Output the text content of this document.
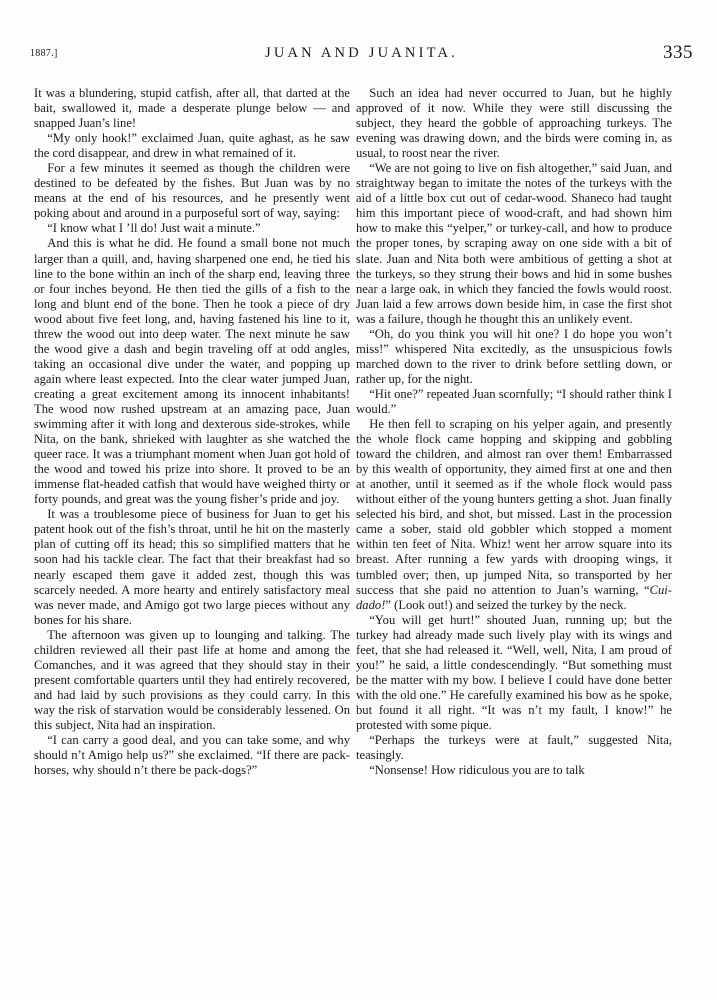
1887.]	JUAN AND JUANITA.	335

It was a blundering, stupid catfish, after all, that darted at the bait, swallowed it, made a desperate plunge below — and snapped Juan’s line!

“My only hook!” exclaimed Juan, quite aghast, as he saw the cord disappear, and drew in what remained of it.

For a few minutes it seemed as though the children were destined to be defeated by the fishes. But Juan was by no means at the end of his resources, and he presently went poking about and around in a purposeful sort of way, saying:

“I know what I ’ll do! Just wait a minute.”

And this is what he did. He found a small bone not much larger than a quill, and, having sharpened one end, he tied his line to the bone within an inch of the sharp end, leaving three or four inches beyond. He then tied the gills of a fish to the long and blunt end of the bone. Then he took a piece of dry wood about five feet long, and, having fastened his line to it, threw the wood out into deep water. The next minute he saw the wood give a dash and begin traveling off at odd angles, taking an occasional dive under the water, and popping up again where least expected. Into the clear water jumped Juan, creating a great excitement among its innocent inhabitants! The wood now rushed upstream at an amazing pace, Juan swimming after it with long and dexterous side-strokes, while Nita, on the bank, shrieked with laughter as she watched the queer race. It was a triumphant moment when Juan got hold of the wood and towed his prize into shore. It proved to be an immense flat-headed catfish that would have weighed thirty or forty pounds, and great was the young fisher’s pride and joy.

It was a troublesome piece of business for Juan to get his patent hook out of the fish’s throat, until he hit on the masterly plan of cutting off its head; this so simplified matters that he soon had his tackle clear. The fact that their breakfast had so nearly escaped them gave it added zest, though this was scarcely needed. A more hearty and entirely satisfactory meal was never made, and Amigo got two large pieces without any bones for his share.

The afternoon was given up to lounging and talking. The children reviewed all their past life at home and among the Comanches, and it was agreed that they should stay in their present comfortable quarters until they had entirely recovered, and had laid by such provisions as they could carry. In this way the risk of starvation would be considerably lessened. On this subject, Nita had an inspiration.

“I can carry a good deal, and you can take some, and why should n’t Amigo help us?” she exclaimed. “If there are pack-horses, why should n’t there be pack-dogs?”

Such an idea had never occurred to Juan, but he highly approved of it now. While they were still discussing the subject, they heard the gobble of approaching turkeys. The evening was drawing down, and the birds were coming in, as usual, to roost near the river.

“We are not going to live on fish altogether,” said Juan, and straightway began to imitate the notes of the turkeys with the aid of a little box cut out of cedar-wood. Shaneco had taught him this important piece of wood-craft, and had shown him how to make this “yelper,” or turkey-call, and how to produce the proper tones, by scraping away on one side with a bit of slate. Juan and Nita both were ambitious of getting a shot at the turkeys, so they strung their bows and hid in some bushes near a large oak, in which they fancied the fowls would roost. Juan laid a few arrows down beside him, in case the first shot was a failure, though he thought this an unlikely event.

“Oh, do you think you will hit one? I do hope you won’t miss!” whispered Nita excitedly, as the unsuspicious fowls marched down to the river to drink before settling down, or rather up, for the night.

“Hit one?” repeated Juan scornfully; “I should rather think I would.”

He then fell to scraping on his yelper again, and presently the whole flock came hopping and skipping and gobbling toward the children, and almost ran over them! Embarrassed by this wealth of opportunity, they aimed first at one and then at another, until it seemed as if the whole flock would pass without either of the young hunters getting a shot. Juan finally selected his bird, and shot, but missed. Last in the procession came a sober, staid old gobbler which stopped a moment within ten feet of Nita. Whiz! went her arrow square into its breast. After running a few yards with drooping wings, it tumbled over; then, up jumped Nita, so transported by her success that she paid no attention to Juan’s warning, “Cuidado!” (Look out!) and seized the turkey by the neck.

“You will get hurt!” shouted Juan, running up; but the turkey had already made such lively play with its wings and feet, that she had released it. “Well, well, Nita, I am proud of you!” he said, a little condescendingly. “But something must be the matter with my bow. I believe I could have done better with the old one.” He carefully examined his bow as he spoke, but found it all right. “It was n’t my fault, I know!” he protested with some pique.

“Perhaps the turkeys were at fault,” suggested Nita, teasingly.

“Nonsense! How ridiculous you are to talk
